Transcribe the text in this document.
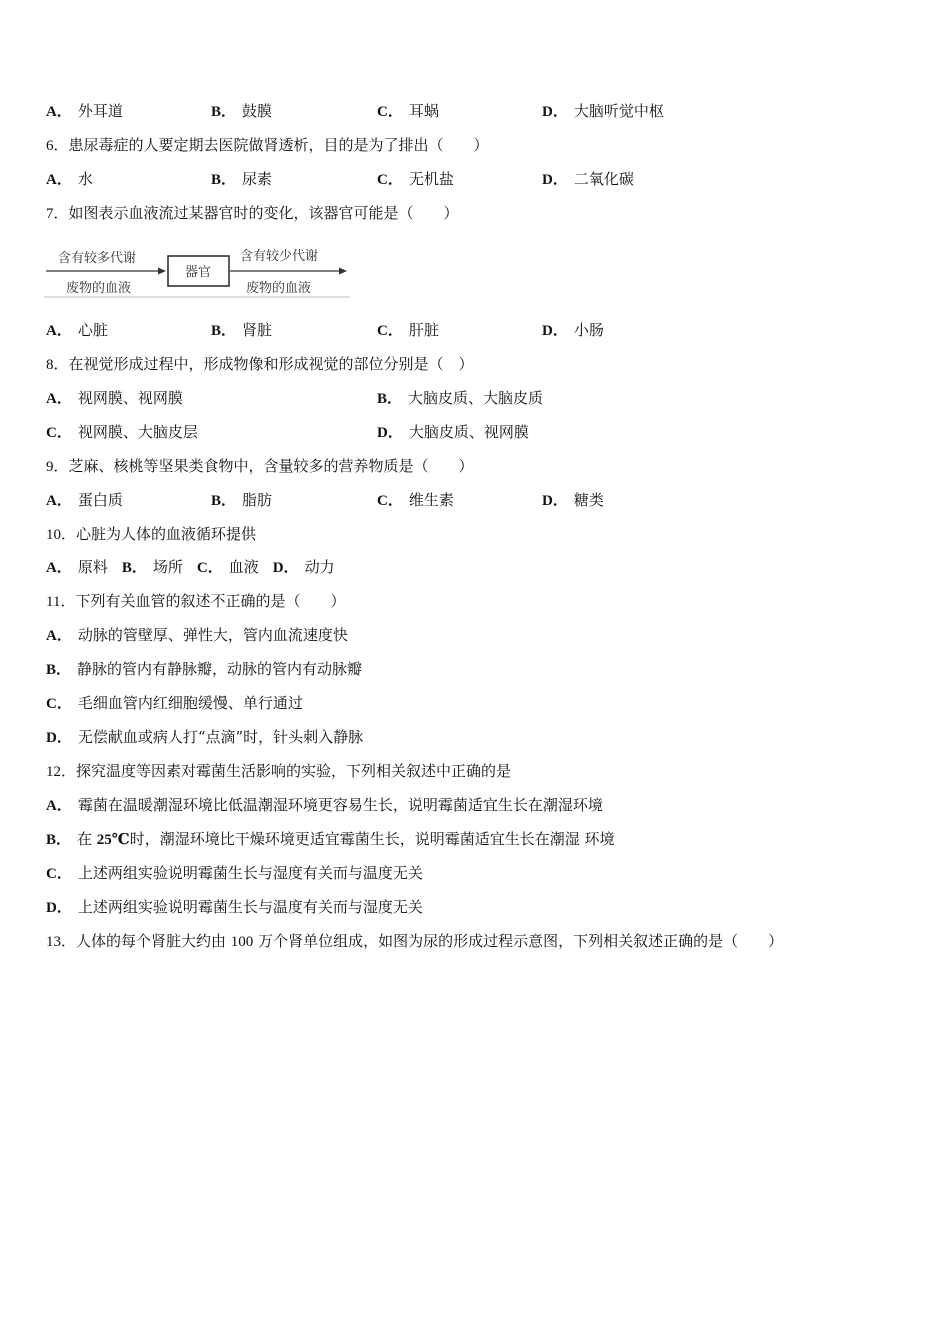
A． 外耳道	B． 鼓膜	C． 耳蜗	D． 大脑听觉中枢
6．患尿毒症的人要定期去医院做肾透析，目的是为了排出（　　）
A． 水	B． 尿素	C． 无机盐	D． 二氧化碳
7．如图表示血液流过某器官时的变化，该器官可能是（　　）
含有较多代谢
废物的血液
器官
含有较少代谢
废物的血液
A． 心脏	B． 肾脏	C． 肝脏	D． 小肠
8．在视觉形成过程中，形成物像和形成视觉的部位分别是（　）
A． 视网膜、视网膜	B． 大脑皮质、大脑皮质
C． 视网膜、大脑皮层	D． 大脑皮质、视网膜
9．芝麻、核桃等坚果类食物中，含量较多的营养物质是（　　）
A． 蛋白质	B． 脂肪	C． 维生素	D． 糖类
10．心脏为人体的血液循环提供
A． 原料 B． 场所 C． 血液 D． 动力
11．下列有关血管的叙述不正确的是（　　）
A． 动脉的管壁厚、弹性大，管内血流速度快
B． 静脉的管内有静脉瓣，动脉的管内有动脉瓣
C． 毛细血管内红细胞缓慢、单行通过
D． 无偿献血或病人打“点滴”时，针头刺入静脉
12．探究温度等因素对霉菌生活影响的实验，下列相关叙述中正确的是
A． 霉菌在温暖潮湿环境比低温潮湿环境更容易生长，说明霉菌适宜生长在潮湿环境
B． 在 25℃时，潮湿环境比干燥环境更适宜霉菌生长，说明霉菌适宜生长在潮湿 环境
C． 上述两组实验说明霉菌生长与湿度有关而与温度无关
D． 上述两组实验说明霉菌生长与温度有关而与湿度无关
13．人体的每个肾脏大约由 100 万个肾单位组成，如图为尿的形成过程示意图，下列相关叙述正确的是（　　）
